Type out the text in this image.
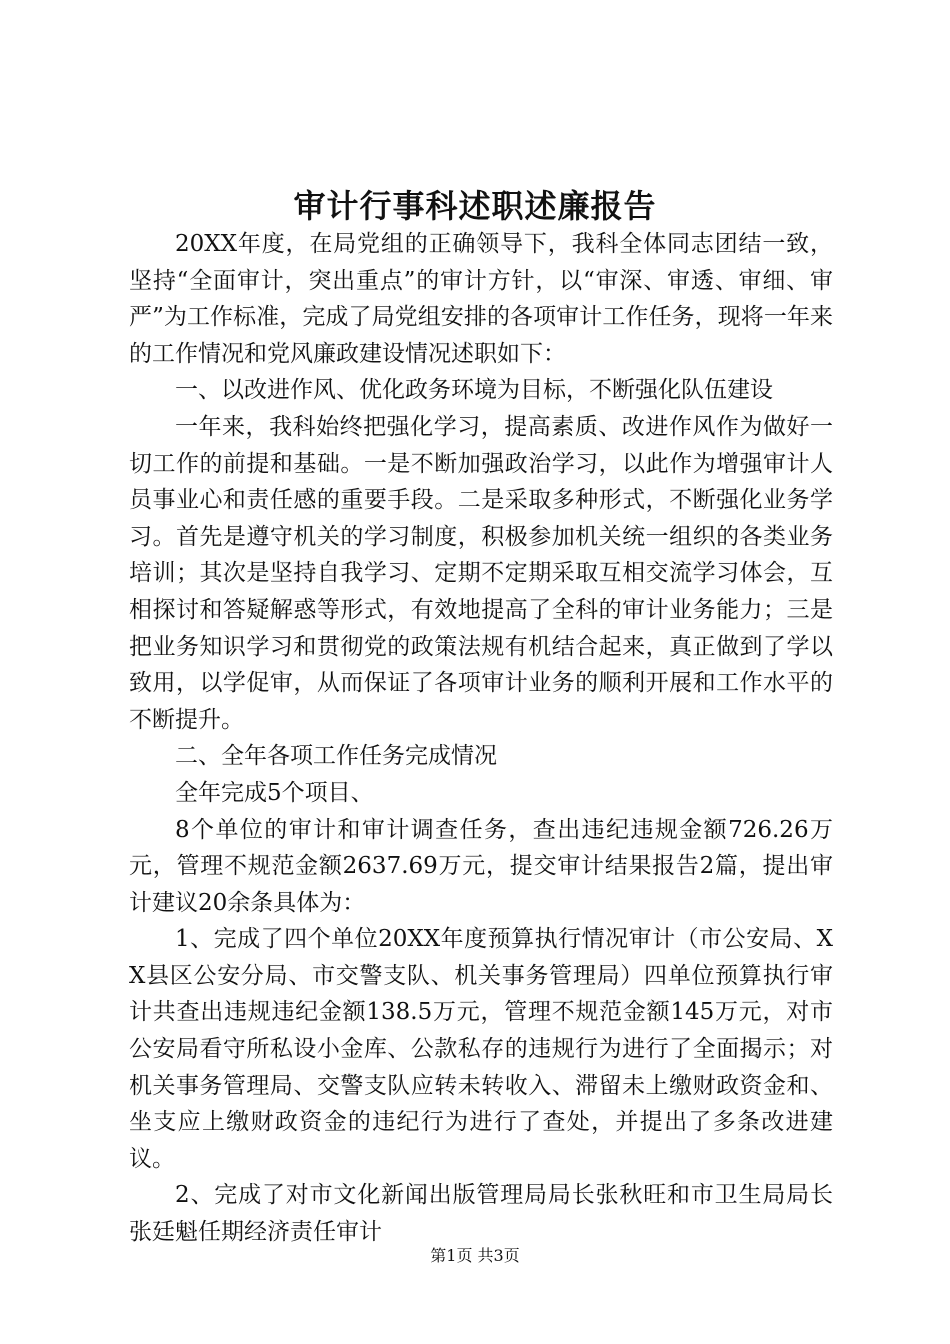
审计行事科述职述廉报告

20XX年度，在局党组的正确领导下，我科全体同志团结一致，坚持“全面审计，突出重点”的审计方针，以“审深、审透、审细、审严”为工作标准，完成了局党组安排的各项审计工作任务，现将一年来的工作情况和党风廉政建设情况述职如下：

一、以改进作风、优化政务环境为目标，不断强化队伍建设

一年来，我科始终把强化学习，提高素质、改进作风作为做好一切工作的前提和基础。一是不断加强政治学习，以此作为增强审计人员事业心和责任感的重要手段。二是采取多种形式，不断强化业务学习。首先是遵守机关的学习制度，积极参加机关统一组织的各类业务培训；其次是坚持自我学习、定期不定期采取互相交流学习体会，互相探讨和答疑解惑等形式，有效地提高了全科的审计业务能力；三是把业务知识学习和贯彻党的政策法规有机结合起来，真正做到了学以致用，以学促审，从而保证了各项审计业务的顺利开展和工作水平的不断提升。

二、全年各项工作任务完成情况

全年完成5个项目、

8个单位的审计和审计调查任务，查出违纪违规金额726.26万元，管理不规范金额2637.69万元，提交审计结果报告2篇，提出审计建议20余条具体为：

1、完成了四个单位20XX年度预算执行情况审计（市公安局、XX县区公安分局、市交警支队、机关事务管理局）四单位预算执行审计共查出违规违纪金额138.5万元，管理不规范金额145万元，对市公安局看守所私设小金库、公款私存的违规行为进行了全面揭示；对机关事务管理局、交警支队应转未转收入、滞留未上缴财政资金和、坐支应上缴财政资金的违纪行为进行了查处，并提出了多条改进建议。

2、完成了对市文化新闻出版管理局局长张秋旺和市卫生局局长张廷魁任期经济责任审计

第1页 共3页
